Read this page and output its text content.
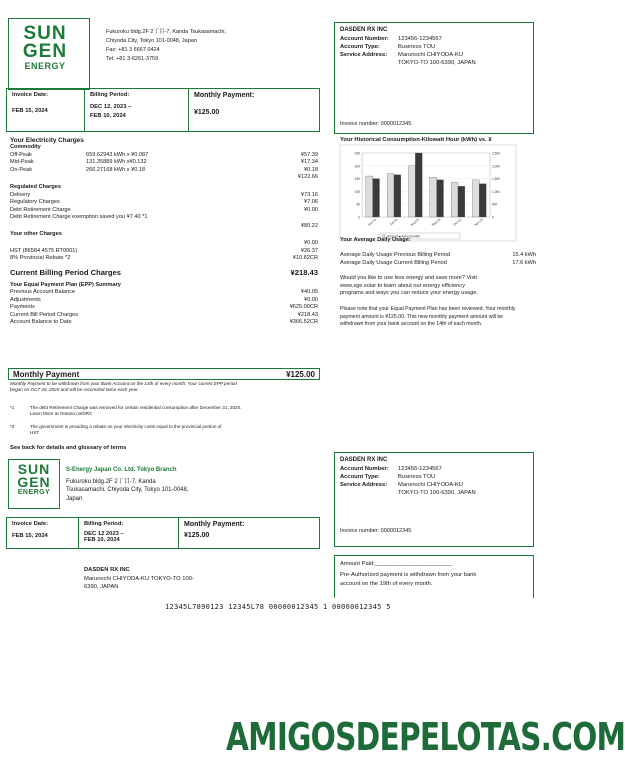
SUN
GEN
ENERGY
Fukuroku bldg.2F 2丁目-7, Kanda Tsukasamachi,
Chiyoda City, Tokyo 101-0048, Japan
Fax: +81 3 6667 0424
Tel: +81 3-6261-3759
DASDEN RX INC
Account Number:	123456-1234567
Account Type:	Business TOU
Service Address:	Marunochi CHIYODA-KU
TOKYO-TO 100-6390, JAPAN
Invoice number: 0000012345
Invoice Date:
FEB 15, 2024
Billing Period:
DEC 12, 2023 –
FEB 10, 2024
Monthly Payment:
¥125.00
Your Electricity Charges
Commodity
Off-Peak	659.62943 kWh x ¥0.087	¥57.39
Mid-Peak	131.35889 kWh x¥0.132	¥17.34
On-Peak	266.27168 kWh x ¥0.18	¥0.18
¥122.66
Regulated Charges
Delivery	¥73.16
Regulatory Charges	¥7.06
Debt Retirement Charge	¥0.00
Debt Retirement Charge exemption saved you ¥7.40 *1
¥80.22
Your other Charges
¥0.00
HST (86584 4575 RT0001)	¥26.37
8% Provincial Rebate *2	¥10.82CR
Current Billing Period Charges	¥218.43
Your Equal Payment Plan (EPP) Summary
Previous Account Balance	¥40.05
Adjustments	¥0.00
Payments	¥625.00CR
Current Bill Period Charges	¥218.43
Account Balance to Date	¥366.52CR
Monthly Payment	¥125.00
Monthly Payment to be withdrawn from your Bank Account on the 14th of every month. Your current EPP period
began on OCT 26, 2020 and will be reconciled twice each year.
*1	The debt Retirement Charge was removed for certain residential consumption after December 31, 2020.
Learn More at Ontario.ca/DRC
*2	The government is providing a rebate on your electricity costs equal to the provincial portion of
HST
See back for details and glossary of terms
Your Historical Consumption-Kilowatt Hour (kWh) vs. ¥
0	0
50	500
100	1,000
150	1,500
200	2,000
250	2,500
Jun-23	Jul-23	Aug-23	Sep-23	Oct-23	Nov-23
Amount ■ Amount kWh
Your Average Daily Usage:
Average Daily Usage Previous Billing Period	15.4 kWh
Average Daily Usage Current Billing Period	17.6 kWh
Would you like to use less energy and save more? Visit
www.sge.solar to learn about our energy efficiency
programs and ways you can reduce your energy usage.
Please note that your Equal Payment Plan has been reviewed. Your monthly
payment amount is ¥125.00. This new monthly payment amount will be
withdrawn from your bank account on the 14th of each month.
SUN
GEN
ENERGY
S-Energy Japan Co. Ltd. Tokyo Branch
Fukuroku bldg.2F 2丁目-7, Kanda
Tsukasamachi, Chiyoda City, Tokyo 101-0048,
Japan
DASDEN RX INC
Account Number:	123456-1234567
Account Type:	Business TOU
Service Address:	Marunochi CHIYODA-KU
TOKYO-TO 100-6390, JAPAN
Invoice number: 0000012345
Invoice Date:
FEB 15, 2024
Billing Period:
DEC 12 2023 –
FEB 10, 2024
Monthly Payment:
¥125.00
DASDEN RX INC
Marunochi CHIYODA-KU TOKYO-TO 100-
6390, JAPAN
Amount Paid:________________________
Pre-Authorized payment is withdrawn from your bank
account on the 19th of every month.
12345L7890123 12345L78 00000012345 1 00000012345 5
AMIGOSDEPELOTAS.COM
